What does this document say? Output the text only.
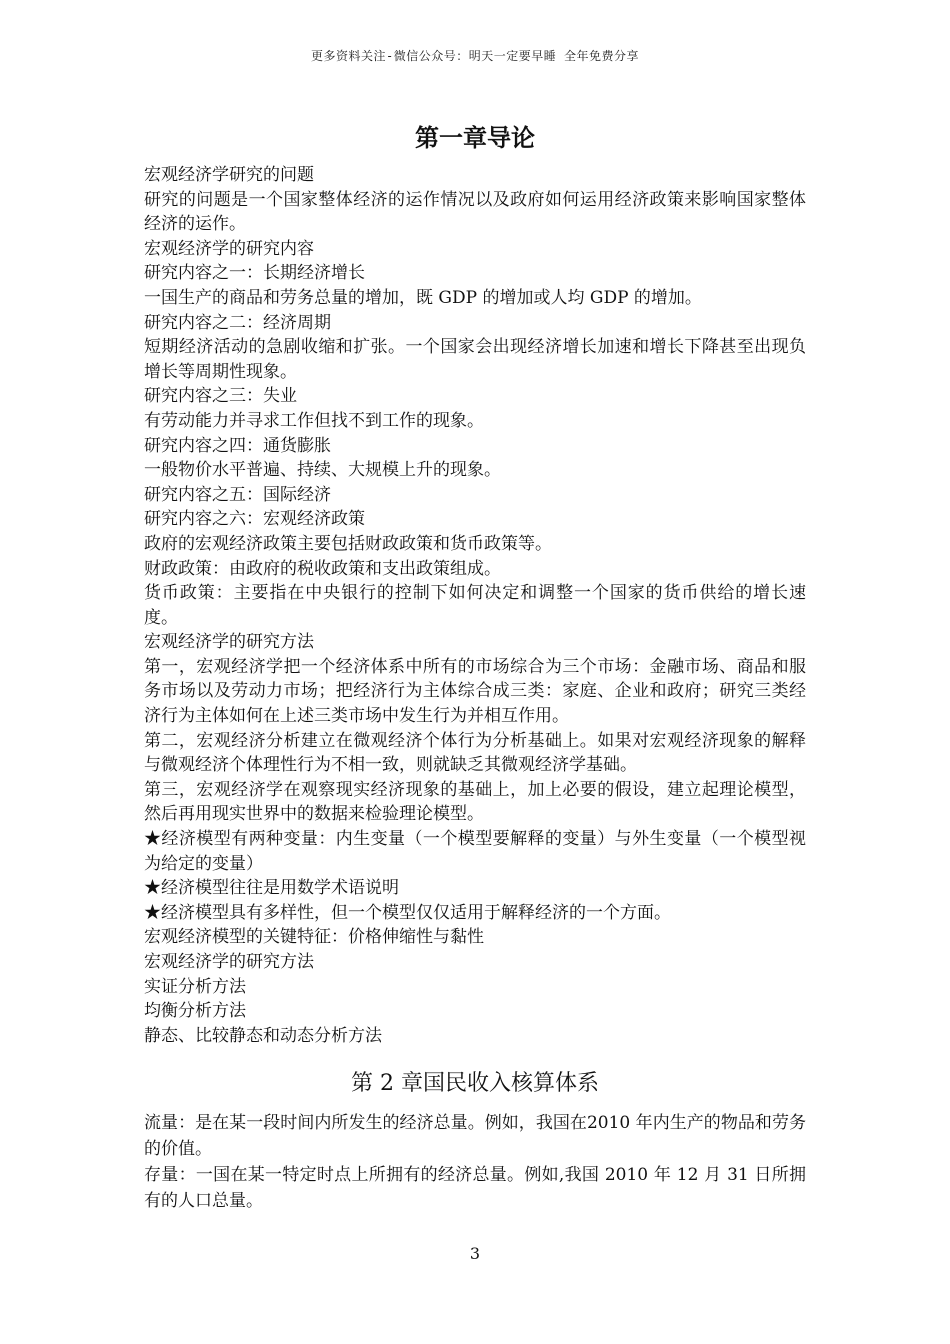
更多资料关注-微信公众号：明天一定要早睡 全年免费分享
第一章导论

宏观经济学研究的问题

研究的问题是一个国家整体经济的运作情况以及政府如何运用经济政策来影响国家整体经济的运作。

宏观经济学的研究内容

研究内容之一：长期经济增长

一国生产的商品和劳务总量的增加，既 GDP 的增加或人均 GDP 的增加。

研究内容之二：经济周期

短期经济活动的急剧收缩和扩张。一个国家会出现经济增长加速和增长下降甚至出现负增长等周期性现象。

研究内容之三：失业

有劳动能力并寻求工作但找不到工作的现象。

研究内容之四：通货膨胀

一般物价水平普遍、持续、大规模上升的现象。

研究内容之五：国际经济

研究内容之六：宏观经济政策

政府的宏观经济政策主要包括财政政策和货币政策等。

财政政策：由政府的税收政策和支出政策组成。

货币政策：主要指在中央银行的控制下如何决定和调整一个国家的货币供给的增长速度。

宏观经济学的研究方法

第一，宏观经济学把一个经济体系中所有的市场综合为三个市场：金融市场、商品和服务市场以及劳动力市场；把经济行为主体综合成三类：家庭、企业和政府；研究三类经济行为主体如何在上述三类市场中发生行为并相互作用。

第二，宏观经济分析建立在微观经济个体行为分析基础上。如果对宏观经济现象的解释与微观经济个体理性行为不相一致，则就缺乏其微观经济学基础。

第三，宏观经济学在观察现实经济现象的基础上，加上必要的假设，建立起理论模型，然后再用现实世界中的数据来检验理论模型。

★经济模型有两种变量：内生变量（一个模型要解释的变量）与外生变量（一个模型视为给定的变量）

★经济模型往往是用数学术语说明

★经济模型具有多样性，但一个模型仅仅适用于解释经济的一个方面。

宏观经济模型的关键特征：价格伸缩性与黏性

宏观经济学的研究方法

实证分析方法

均衡分析方法

静态、比较静态和动态分析方法

第 2 章国民收入核算体系

流量：是在某一段时间内所发生的经济总量。例如，我国在2010 年内生产的物品和劳务的价值。

存量：一国在某一特定时点上所拥有的经济总量。例如,我国 2010 年 12 月 31 日所拥有的人口总量。

3
